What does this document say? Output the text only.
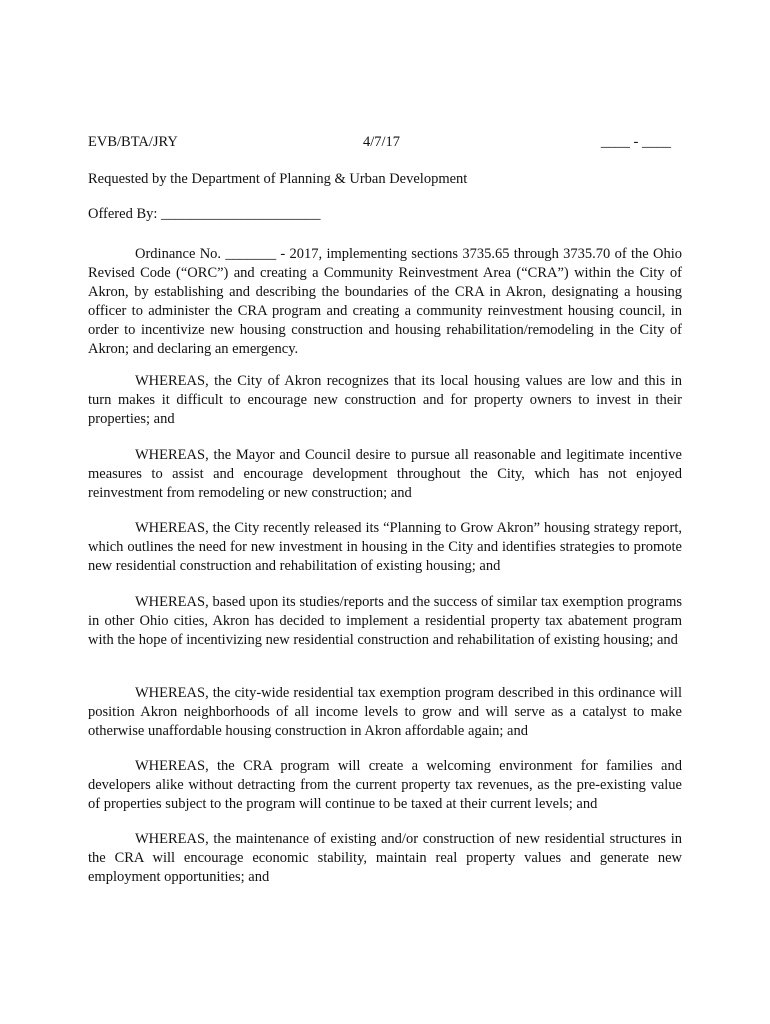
EVB/BTA/JRY	4/7/17	____ - ____
Requested by the Department of Planning & Urban Development
Offered By: ______________________

Ordinance No. _______ - 2017, implementing sections 3735.65 through 3735.70 of the Ohio Revised Code (“ORC”) and creating a Community Reinvestment Area (“CRA”) within the City of Akron, by establishing and describing the boundaries of the CRA in Akron, designating a housing officer to administer the CRA program and creating a community reinvestment housing council, in order to incentivize new housing construction and housing rehabilitation/remodeling in the City of Akron; and declaring an emergency.

WHEREAS, the City of Akron recognizes that its local housing values are low and this in turn makes it difficult to encourage new construction and for property owners to invest in their properties; and

WHEREAS, the Mayor and Council desire to pursue all reasonable and legitimate incentive measures to assist and encourage development throughout the City, which has not enjoyed reinvestment from remodeling or new construction; and

WHEREAS, the City recently released its “Planning to Grow Akron” housing strategy report, which outlines the need for new investment in housing in the City and identifies strategies to promote new residential construction and rehabilitation of existing housing; and

WHEREAS, based upon its studies/reports and the success of similar tax exemption programs in other Ohio cities, Akron has decided to implement a residential property tax abatement program with the hope of incentivizing new residential construction and rehabilitation of existing housing; and

WHEREAS, the city-wide residential tax exemption program described in this ordinance will position Akron neighborhoods of all income levels to grow and will serve as a catalyst to make otherwise unaffordable housing construction in Akron affordable again; and

WHEREAS, the CRA program will create a welcoming environment for families and developers alike without detracting from the current property tax revenues, as the pre-existing value of properties subject to the program will continue to be taxed at their current levels; and

WHEREAS, the maintenance of existing and/or construction of new residential structures in the CRA will encourage economic stability, maintain real property values and generate new employment opportunities; and
